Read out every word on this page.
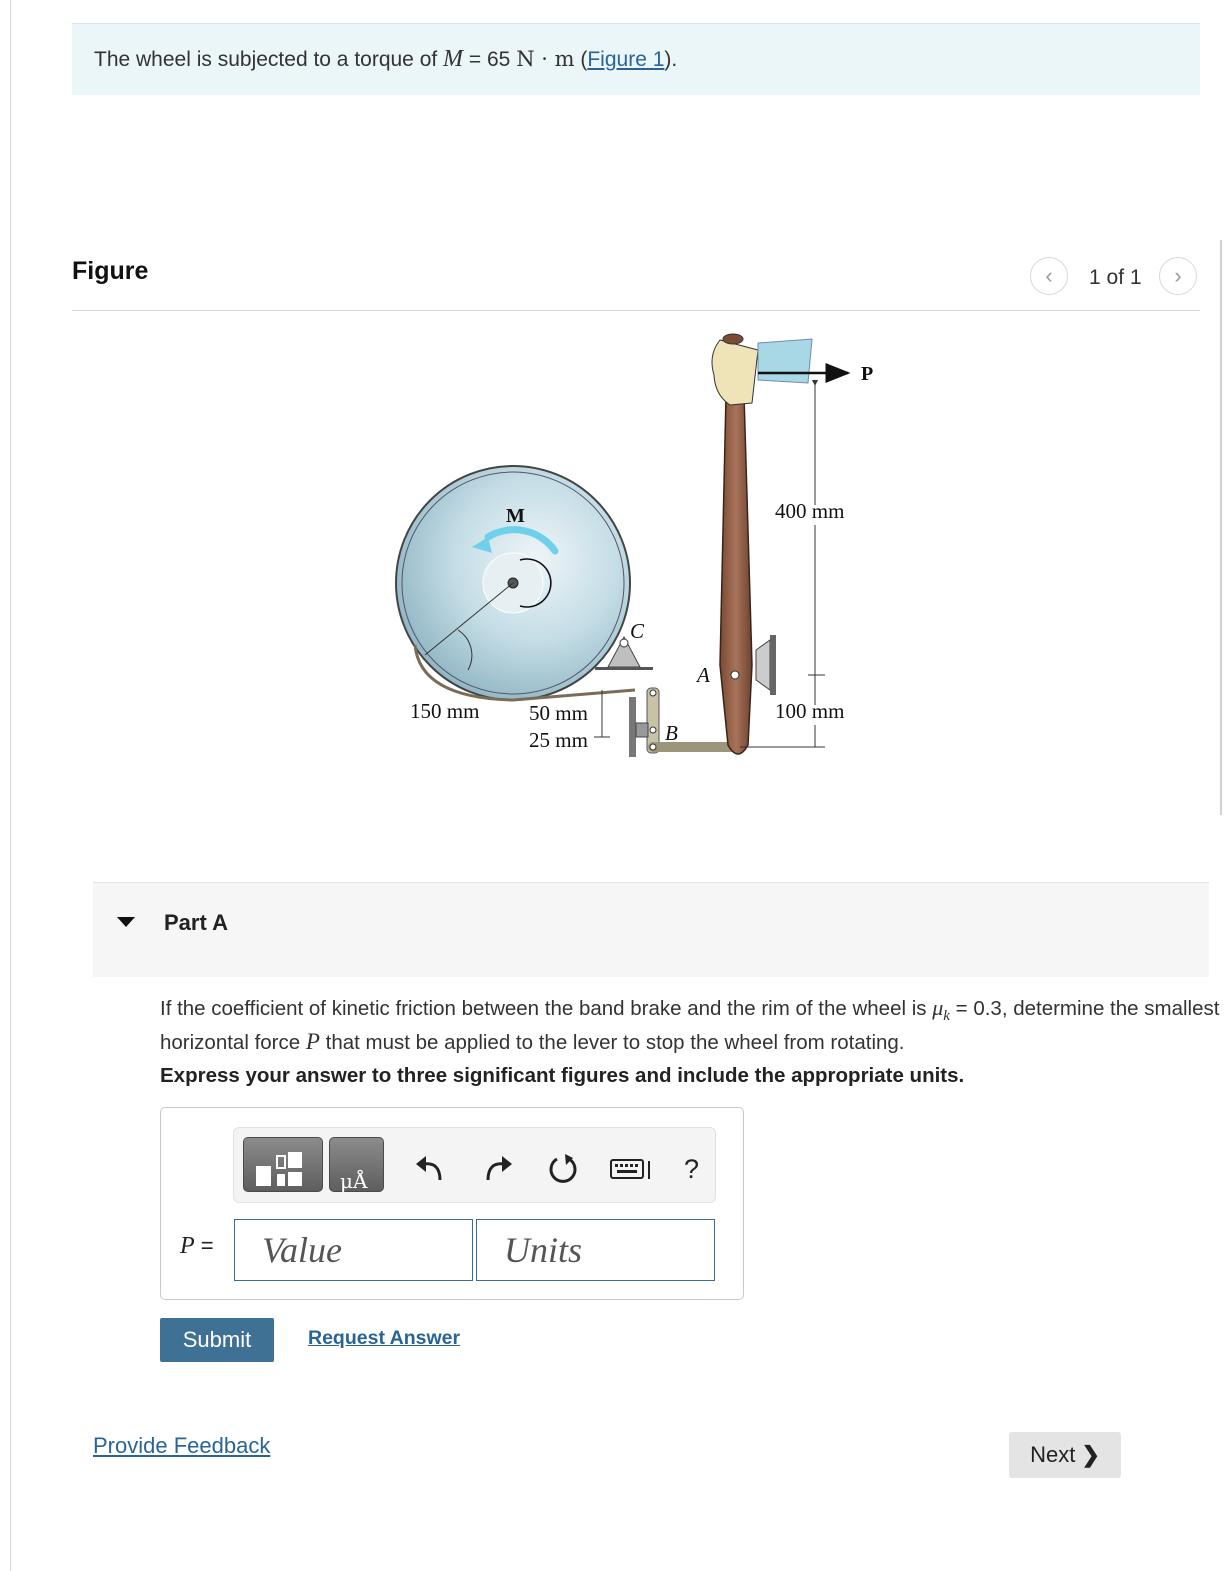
The wheel is subjected to a torque of M = 65 N · m (Figure 1).
Figure	‹ 1 of 1 ›
P
M	400 mm
100 mm
150 mm 50 mm
25 mm
C
A
B
Part A
If the coefficient of kinetic friction between the band brake and the rim of the wheel is $\mu_k = 0.3$, determine the smallest horizontal force P that must be applied to the lever to stop the wheel from rotating.
Express your answer to three significant figures and include the appropriate units.
μÅ	?
P =
Value
Units
Submit	Request Answer
Provide Feedback	Next ❯
